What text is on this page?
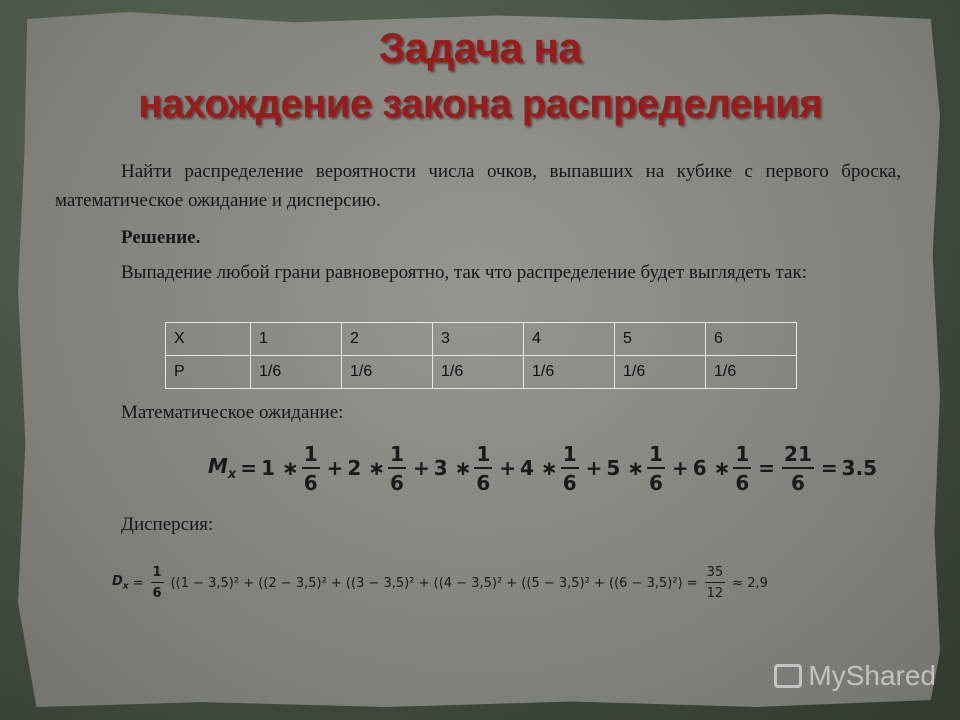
Задача на
нахождение закона распределения
Найти распределение вероятности числа очков, выпавших на кубике с первого броска, математическое ожидание и дисперсию.
Решение.
Выпадение любой грани равновероятно, так что распределение будет выглядеть так:
X	1	2	3	4	5	6
P	1/6	1/6	1/6	1/6	1/6	1/6
Математическое ожидание:
$M_x = 1$ ∗ $\frac{1}{6} + 2$ ∗ $\frac{1}{6} + 3$ ∗ $\frac{1}{6} + 4$ ∗ $\frac{1}{6} + 5$ ∗ $\frac{1}{6} + 6$ ∗ $\frac{1}{6} = \frac{21}{6} = 3.5$
Дисперсия:
$D_x = \frac{1}{6} ((1 - 3,5)^2 + ((2 - 3,5)^2 + ((3 - 3,5)^2 + ((4 - 3,5)^2 + ((5 - 3,5)^2 + ((6 - 3,5)^2) = \frac{35}{12} \approx 2,9$
MyShared
